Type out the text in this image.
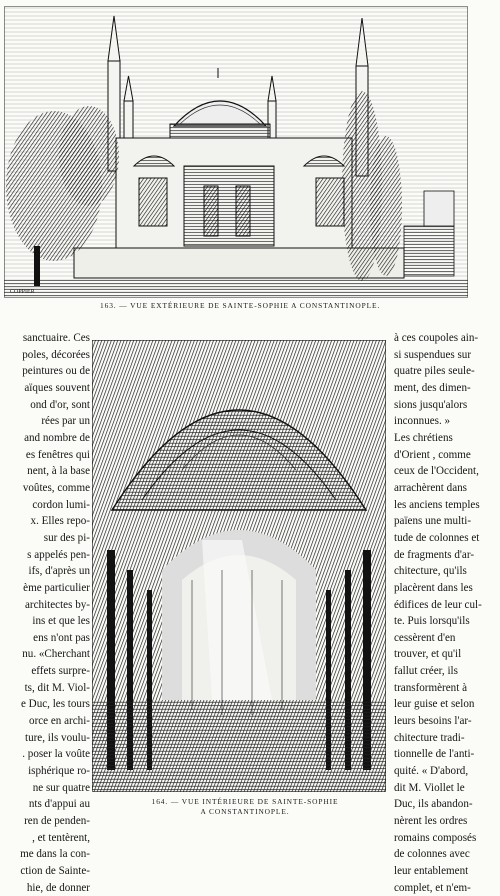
COPPIER
163. — VUE EXTÉRIEURE DE SAINTE-SOPHIE A CONSTANTINOPLE.
164. — VUE INTÉRIEURE DE SAINTE-SOPHIE
A CONSTANTINOPLE.
sanctuaire. Ces
poles, décorées
peintures ou de
aïques souvent
ond d'or, sont
rées par un
and nombre de
es fenêtres qui
nent, à la base
voûtes, comme
cordon lumi-
x. Elles repo-
sur des pi-
s appelés pen-
ifs, d'après un
ème particulier
architectes by-
ins et que les
ens n'ont pas
nu. «Cherchant
effets surpre-
ts, dit M. Viol-
e Duc, les tours
orce en archi-
ture, ils voulu-
. poser la voûte
isphérique ro-
ne sur quatre
nts d'appui au
ren de penden-
, et tentèrent,
me dans la con-
ction de Sainte-
hie, de donner
à ces coupoles ain-
si suspendues sur
quatre piles seule-
ment, des dimen-
sions jusqu'alors
inconnues. »
Les chrétiens
d'Orient , comme
ceux de l'Occident,
arrachèrent dans
les anciens temples
païens une multi-
tude de colonnes et
de fragments d'ar-
chitecture, qu'ils
placèrent dans les
édifices de leur cul-
te. Puis lorsqu'ils
cessèrent d'en
trouver, et qu'il
fallut créer, ils
transformèrent à
leur guise et selon
leurs besoins l'ar-
chitecture tradi-
tionnelle de l'anti-
quité. « D'abord,
dit M. Viollet le
Duc, ils abandon-
nèrent les ordres
romains composés
de colonnes avec
leur entablement
complet, et n'em-
